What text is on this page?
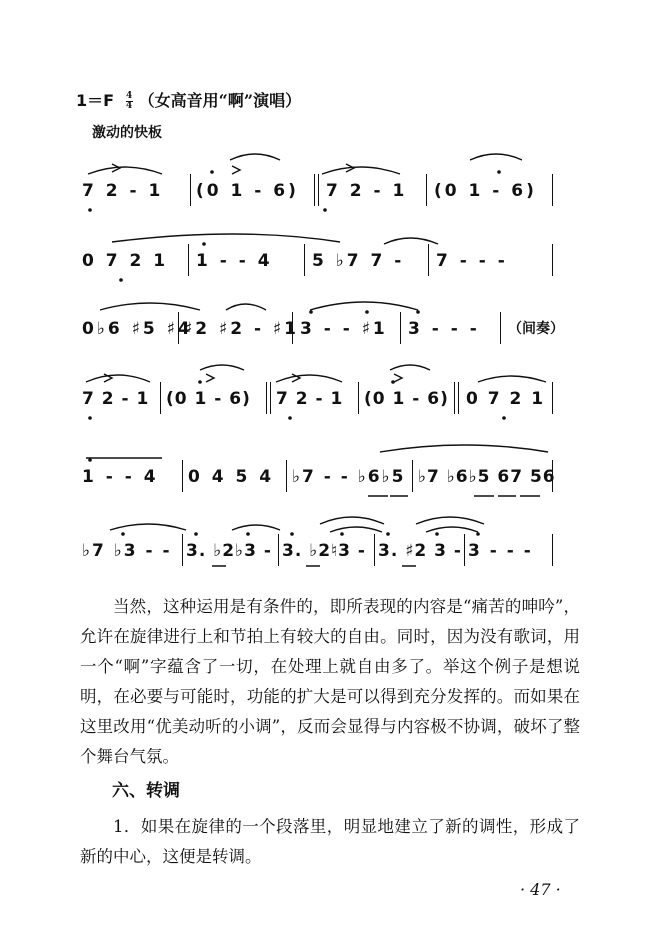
$1=F \frac{4}{4}$ （女高音用“啊”演唱）
激动的快板
7 2 - 1 (0 1 - 6) 7 2 - 1 (0 1 - 6)
0 7 2 1 1 - - 4 5 ♭7 7 - 7 - - -
0♭6 ♯5 ♯4
♯2 ♯2 - ♯1 3 - - ♯1 3 - - - （间奏）
7 2 - 1 (0 1 - 6) 7 2 - 1 (0 1 - 6) 0 7 2 1
1 - - 4 0 4 5 4 ♭7 - - ♭6♭5 ♭7 ♭6♭5 67 56
♭7 ♭3 - - 3. ♭2♭3 - 3. ♭2♮3 - 3. ♯2 3 - 3 - - -

当然，这种运用是有条件的，即所表现的内容是“痛苦的呻吟”，允许在旋律进行上和节拍上有较大的自由。同时，因为没有歌词，用一个“啊”字蕴含了一切，在处理上就自由多了。举这个例子是想说明，在必要与可能时，功能的扩大是可以得到充分发挥的。而如果在这里改用“优美动听的小调”，反而会显得与内容极不协调，破坏了整个舞台气氛。

六、转调

1．如果在旋律的一个段落里，明显地建立了新的调性，形成了新的中心，这便是转调。

· 47 ·
